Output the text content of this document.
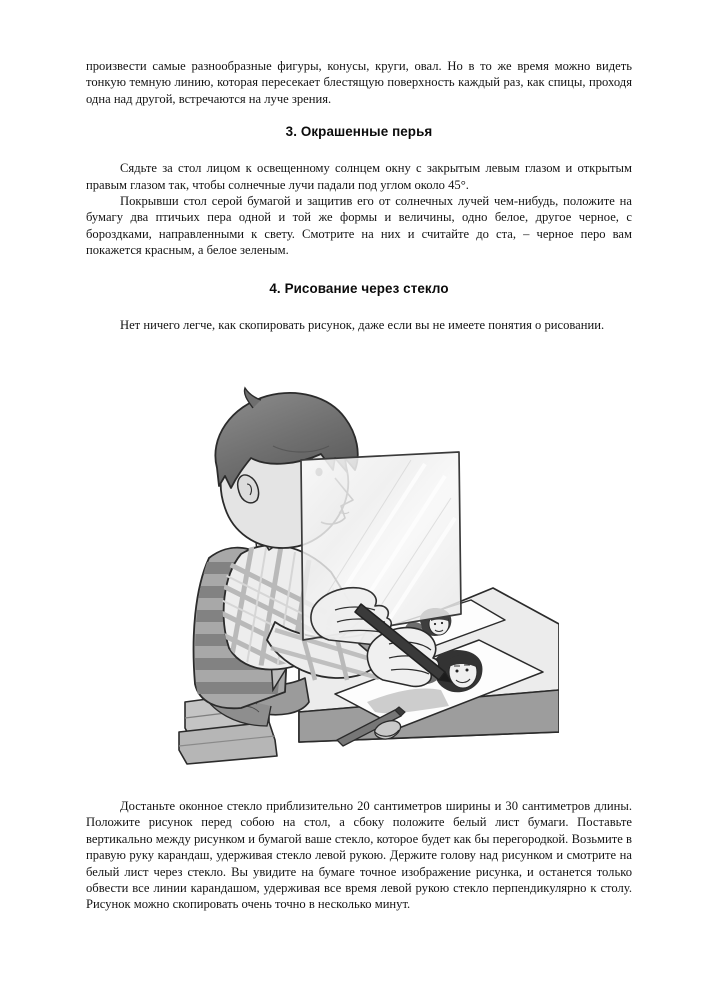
произвести самые разнообразные фигуры, конусы, круги, овал. Но в то же время можно видеть тонкую темную линию, которая пересекает блестящую поверхность каждый раз, как спицы, проходя одна над другой, встречаются на луче зрения.

3. Окрашенные перья

Сядьте за стол лицом к освещенному солнцем окну с закрытым левым глазом и открытым правым глазом так, чтобы солнечные лучи падали под углом около 45°.

Покрывши стол серой бумагой и защитив его от солнечных лучей чем-нибудь, положите на бумагу два птичьих пера одной и той же формы и величины, одно белое, другое черное, с бороздками, направленными к свету. Смотрите на них и считайте до ста, – черное перо вам покажется красным, а белое зеленым.

4. Рисование через стекло

Нет ничего легче, как скопировать рисунок, даже если вы не имеете понятия о рисовании.

Достаньте оконное стекло приблизительно 20 сантиметров ширины и 30 сантиметров длины. Положите рисунок перед собою на стол, а сбоку положите белый лист бумаги. Поставьте вертикально между рисунком и бумагой ваше стекло, которое будет как бы перегородкой. Возьмите в правую руку карандаш, удерживая стекло левой рукою. Держите голову над рисунком и смотрите на белый лист через стекло. Вы увидите на бумаге точное изображение рисунка, и останется только обвести все линии карандашом, удерживая все время левой рукою стекло перпендикулярно к столу. Рисунок можно скопировать очень точно в несколько минут.
